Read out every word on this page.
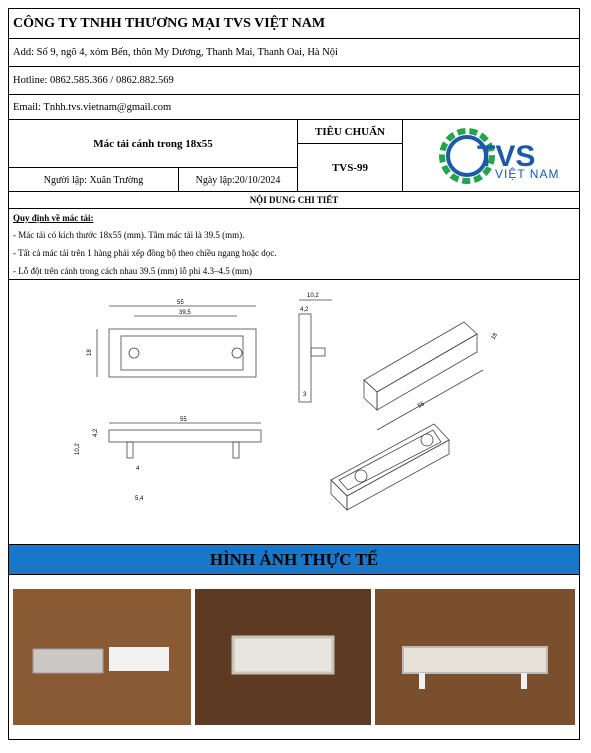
CÔNG TY TNHH THƯƠNG MẠI TVS VIỆT NAM
Add: Số 9, ngõ 4, xóm Bến, thôn My Dương, Thanh Mai, Thanh Oai, Hà Nội
Hotline: 0862.585.366 / 0862.882.569
Email: Tnhh.tvs.vietnam@gmail.com
Mác tải cánh trong 18x55
Người lập: Xuân Trường	Ngày lập:20/10/2024
TIÊU CHUẨN
TVS-99	TVS
VIỆT NAM
NỘI DUNG CHI TIẾT
Quy định về mác tải:
- Mác tải có kích thước 18x55 (mm). Tâm mác tải là 39.5 (mm).
- Tất cả mác tải trên 1 hàng phải xếp đồng bộ theo chiều ngang hoặc dọc.
- Lỗ đột trên cánh trong cách nhau 39.5 (mm) lỗ phi 4.3–4.5 (mm)
55
39,5
18
10,2
4,2
3
18
55
55
4,2
10,2
4
5,4
HÌNH ẢNH THỰC TẾ
